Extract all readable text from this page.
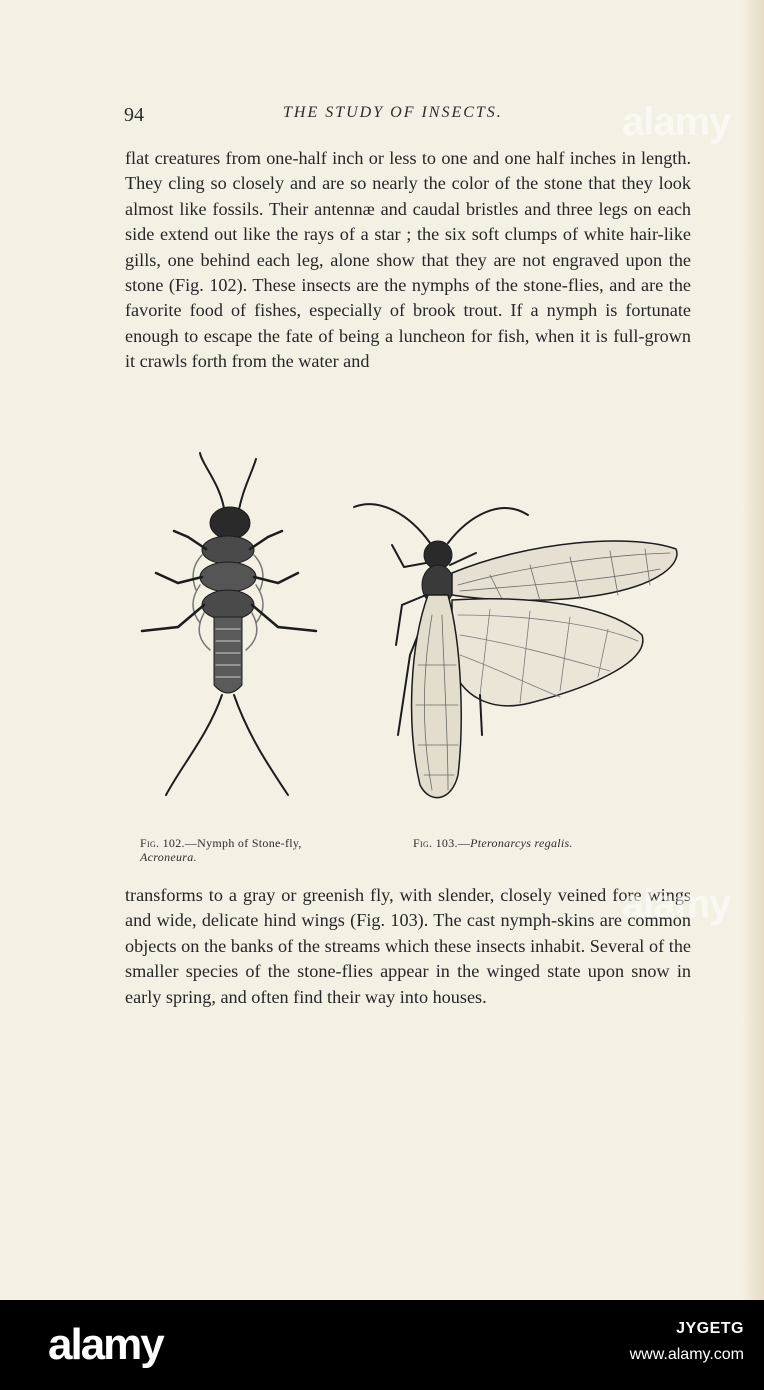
94	THE STUDY OF INSECTS.

flat creatures from one-half inch or less to one and one half inches in length. They cling so closely and are so nearly the color of the stone that they look almost like fossils. Their antennæ and caudal bristles and three legs on each side extend out like the rays of a star ; the six soft clumps of white hair-like gills, one behind each leg, alone show that they are not engraved upon the stone (Fig. 102). These insects are the nymphs of the stone-flies, and are the favorite food of fishes, especially of brook trout. If a nymph is fortunate enough to escape the fate of being a luncheon for fish, when it is full-grown it crawls forth from the water and

alamy
Fig. 102.—Nymph of Stone-fly, Acroneura.
Fig. 103.—Pteronarcys regalis.

transforms to a gray or greenish fly, with slender, closely veined fore wings and wide, delicate hind wings (Fig. 103). The cast nymph-skins are common objects on the banks of the streams which these insects inhabit. Several of the smaller species of the stone-flies appear in the winged state upon snow in early spring, and often find their way into houses.

alamy
alamy	JYGETG
www.alamy.com
